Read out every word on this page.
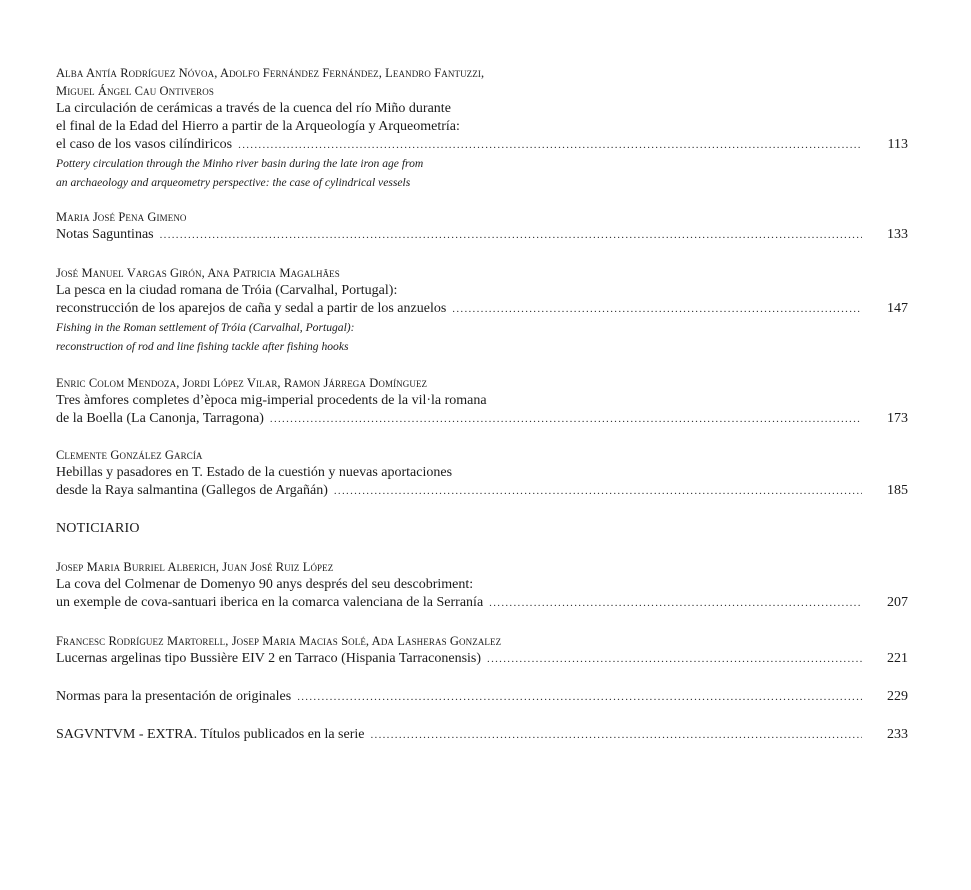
Alba Antía Rodríguez Nóvoa, Adolfo Fernández Fernández, Leandro Fantuzzi,
Miguel Ángel Cau Ontiveros
La circulación de cerámicas a través de la cuenca del río Miño durante
el final de la Edad del Hierro a partir de la Arqueología y Arqueometría:
el caso de los vasos cilíndiricos .....	113
Pottery circulation through the Minho river basin during the late iron age from
an archaeology and arqueometry perspective: the case of cylindrical vessels
Maria José Pena Gimeno
Notas Saguntinas .....	133
José Manuel Vargas Girón, Ana Patricia Magalhães
La pesca en la ciudad romana de Tróia (Carvalhal, Portugal):
reconstrucción de los aparejos de caña y sedal a partir de los anzuelos .....	147
Fishing in the Roman settlement of Tróia (Carvalhal, Portugal):
reconstruction of rod and line fishing tackle after fishing hooks
Enric Colom Mendoza, Jordi López Vilar, Ramon Járrega Domínguez
Tres àmfores completes d’època mig-imperial procedents de la vil·la romana
de la Boella (La Canonja, Tarragona) .....	173
Clemente González García
Hebillas y pasadores en T. Estado de la cuestión y nuevas aportaciones
desde la Raya salmantina (Gallegos de Argañán) .....	185
NOTICIARIO
Josep Maria Burriel Alberich, Juan José Ruiz López
La cova del Colmenar de Domenyo 90 anys després del seu descobriment:
un exemple de cova-santuari iberica en la comarca valenciana de la Serranía .....	207
Francesc Rodríguez Martorell, Josep Maria Macias Solé, Ada Lasheras Gonzalez
Lucernas argelinas tipo Bussière EIV 2 en Tarraco (Hispania Tarraconensis) .....	221
Normas para la presentación de originales .....	229
SAGVNTVM - EXTRA. Títulos publicados en la serie .....	233
